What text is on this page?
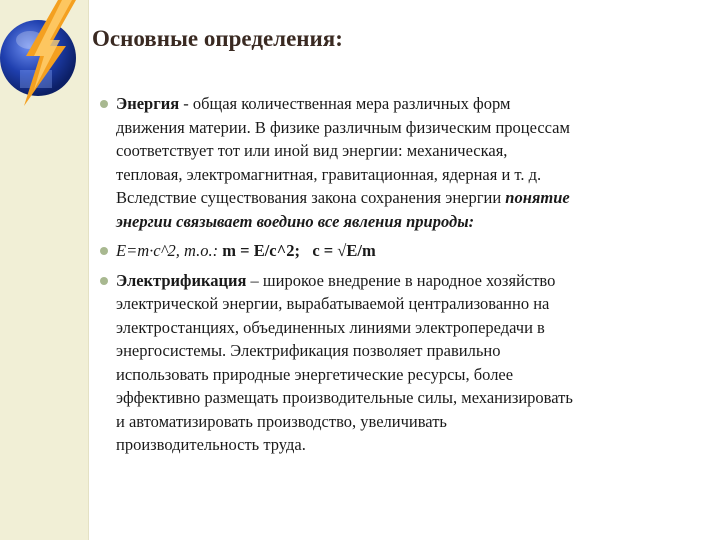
Основные определения:
Энергия - общая количественная мера различных форм
движения материи. В физике различным физическим процессам
соответствует тот или иной вид энергии: механическая,
тепловая, электромагнитная, гравитационная, ядерная и т. д.
Вследствие существования закона сохранения энергии понятие
энергии связывает воедино все явления природы:
E=m∙c^2, т.о.: m = E/c^2; c = √E/m
Электрификация – широкое внедрение в народное хозяйство
электрической энергии, вырабатываемой централизованно на
электростанциях, объединенных линиями электропередачи в
энергосистемы. Электрификация позволяет правильно
использовать природные энергетические ресурсы, более
эффективно размещать производительные силы, механизировать
и автоматизировать производство, увеличивать
производительность труда.
